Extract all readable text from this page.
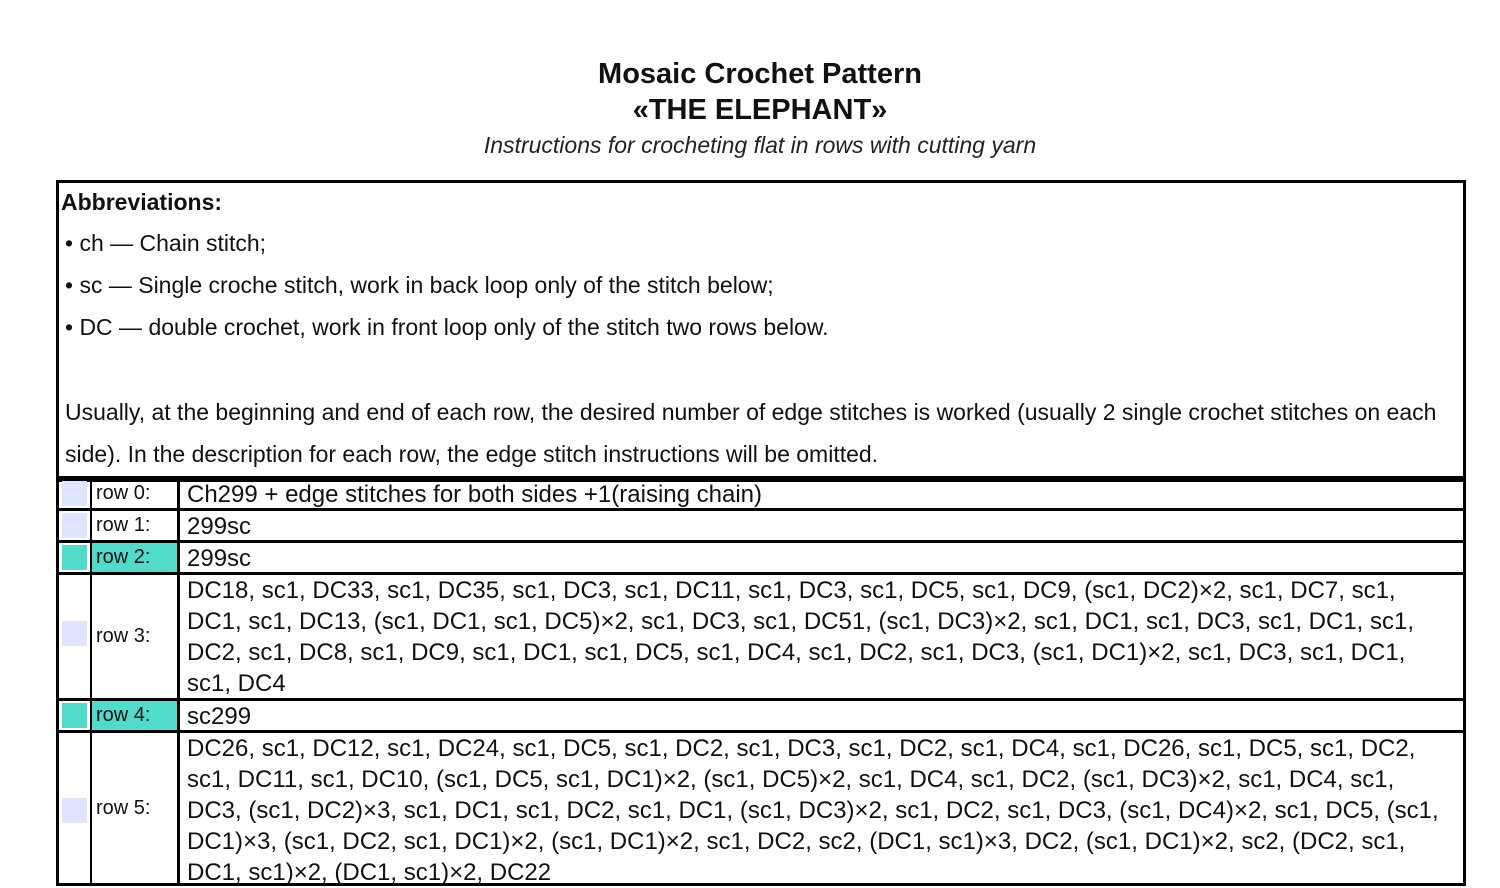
Mosaic Crochet Pattern
«THE ELEPHANT»
Instructions for crocheting flat in rows with cutting yarn
Abbreviations:
• ch — Chain stitch;
• sc — Single croche stitch, work in back loop only of the stitch below;
• DC — double crochet, work in front loop only of the stitch two rows below.
Usually, at the beginning and end of each row, the desired number of edge stitches is worked (usually 2 single crochet stitches on each side). In the description for each row, the edge stitch instructions will be omitted.
row 0:	Ch299 + edge stitches for both sides +1(raising chain)
row 1:	299sc
row 2:	299sc
row 3:
DC18, sc1, DC33, sc1, DC35, sc1, DC3, sc1, DC11, sc1, DC3, sc1, DC5, sc1, DC9, (sc1, DC2)×2, sc1, DC7, sc1, DC1, sc1, DC13, (sc1, DC1, sc1, DC5)×2, sc1, DC3, sc1, DC51, (sc1, DC3)×2, sc1, DC1, sc1, DC3, sc1, DC1, sc1, DC2, sc1, DC8, sc1, DC9, sc1, DC1, sc1, DC5, sc1, DC4, sc1, DC2, sc1, DC3, (sc1, DC1)×2, sc1, DC3, sc1, DC1, sc1, DC4
row 4:	sc299
row 5:
DC26, sc1, DC12, sc1, DC24, sc1, DC5, sc1, DC2, sc1, DC3, sc1, DC2, sc1, DC4, sc1, DC26, sc1, DC5, sc1, DC2, sc1, DC11, sc1, DC10, (sc1, DC5, sc1, DC1)×2, (sc1, DC5)×2, sc1, DC4, sc1, DC2, (sc1, DC3)×2, sc1, DC4, sc1, DC3, (sc1, DC2)×3, sc1, DC1, sc1, DC2, sc1, DC1, (sc1, DC3)×2, sc1, DC2, sc1, DC3, (sc1, DC4)×2, sc1, DC5, (sc1, DC1)×3, (sc1, DC2, sc1, DC1)×2, (sc1, DC1)×2, sc1, DC2, sc2, (DC1, sc1)×3, DC2, (sc1, DC1)×2, sc2, (DC2, sc1, DC1, sc1)×2, (DC1, sc1)×2, DC22
